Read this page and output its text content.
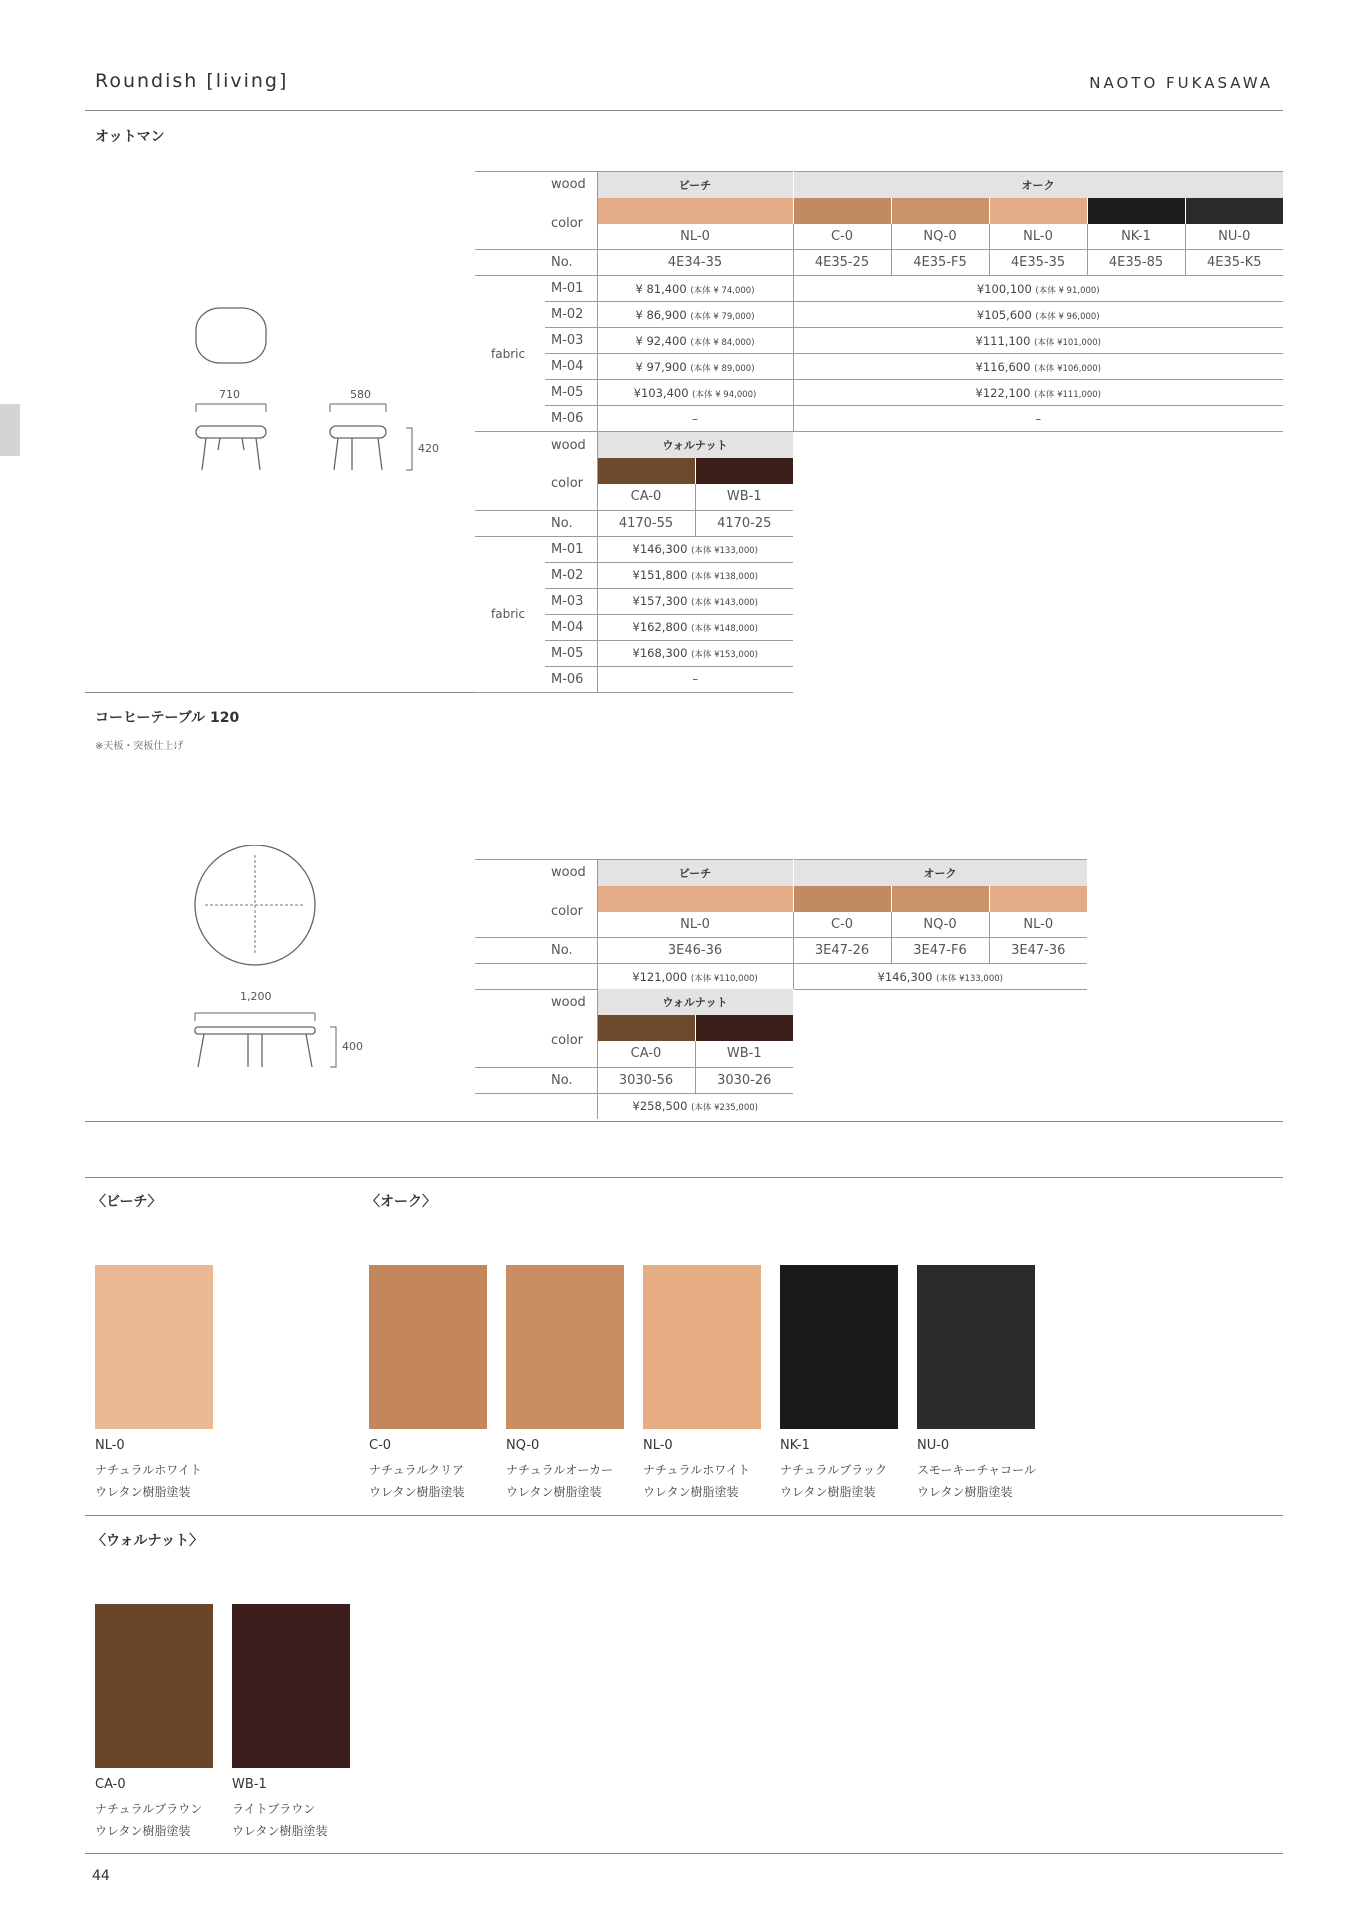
Roundish [living]	NAOTO FUKASAWA
オットマン
710	580
420
	wood	ビーチ	オーク				
	color						
		NL-0	C-0	NQ-0	NL-0	NK-1	NU-0
	No.	4E34-35	4E35-25	4E35-F5	4E35-35	4E35-85	4E35-K5
fabric	M-01	¥ 81,400 (本体 ¥ 74,000)	¥100,100 (本体 ¥ 91,000)				
	M-02	¥ 86,900 (本体 ¥ 79,000)	¥105,600 (本体 ¥ 96,000)				
	M-03	¥ 92,400 (本体 ¥ 84,000)	¥111,100 (本体 ¥101,000)				
	M-04	¥ 97,900 (本体 ¥ 89,000)	¥116,600 (本体 ¥106,000)				
	M-05	¥103,400 (本体 ¥ 94,000)	¥122,100 (本体 ¥111,000)				
	M-06	–	–				
	wood	ウォルナット	
	color		
		CA-0	WB-1
	No.	4170-55	4170-25
fabric	M-01	¥146,300 (本体 ¥133,000)	
	M-02	¥151,800 (本体 ¥138,000)	
	M-03	¥157,300 (本体 ¥143,000)	
	M-04	¥162,800 (本体 ¥148,000)	
	M-05	¥168,300 (本体 ¥153,000)	
	M-06	–	
コーヒーテーブル 120
※天板・突板仕上げ
1,200
400
	wood	ビーチ	オーク		
	color				
		NL-0	C-0	NQ-0	NL-0
	No.	3E46-36	3E47-26	3E47-F6	3E47-36
		¥121,000 (本体 ¥110,000)	¥146,300 (本体 ¥133,000)		
	wood	ウォルナット	
	color		
		CA-0	WB-1
	No.	3030-56	3030-26
		¥258,500 (本体 ¥235,000)	
〈ビーチ〉	〈オーク〉
NL-0
ナチュラルホワイト
ウレタン樹脂塗装
C-0
ナチュラルクリア
ウレタン樹脂塗装
NQ-0
ナチュラルオーカー
ウレタン樹脂塗装
NL-0
ナチュラルホワイト
ウレタン樹脂塗装
NK-1
ナチュラルブラック
ウレタン樹脂塗装
NU-0
スモーキーチャコール
ウレタン樹脂塗装
〈ウォルナット〉
CA-0
ナチュラルブラウン
ウレタン樹脂塗装
WB-1
ライトブラウン
ウレタン樹脂塗装
44
